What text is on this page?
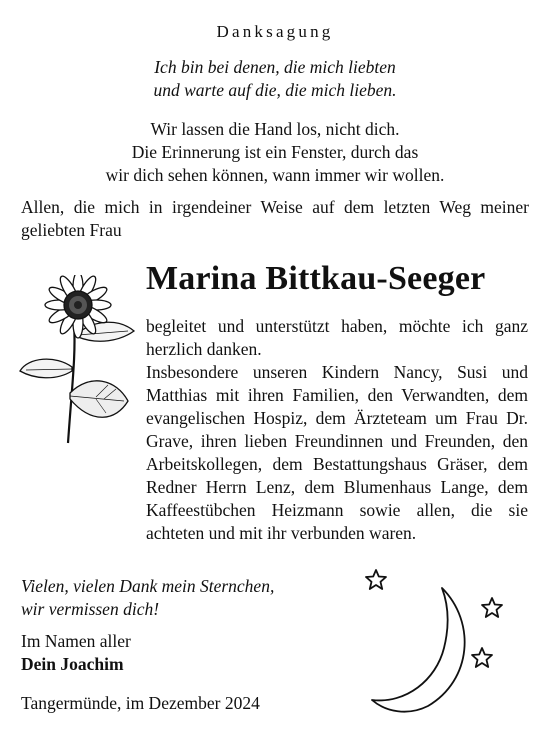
Danksagung
Ich bin bei denen, die mich liebten
und warte auf die, die mich lieben.
Wir lassen die Hand los, nicht dich.
Die Erinnerung ist ein Fenster, durch das
wir dich sehen können, wann immer wir wollen.
Allen, die mich in irgendeiner Weise auf dem letzten Weg meiner geliebten Frau
Marina Bittkau-Seeger

begleitet und unterstützt haben, möchte ich ganz herzlich danken.

Insbesondere unseren Kindern Nancy, Susi und Matthias mit ihren Familien, den Verwandten, dem evangelischen Hospiz, dem Ärzteteam um Frau Dr. Grave, ihren lieben Freundinnen und Freunden, den Arbeitskollegen, dem Bestattungshaus Gräser, dem Redner Herrn Lenz, dem Blumenhaus Lange, dem Kaffeestübchen Heizmann sowie allen, die sie achteten und mit ihr verbunden waren.

Vielen, vielen Dank mein Sternchen,
wir vermissen dich!
Im Namen aller
Dein Joachim
Tangermünde, im Dezember 2024
